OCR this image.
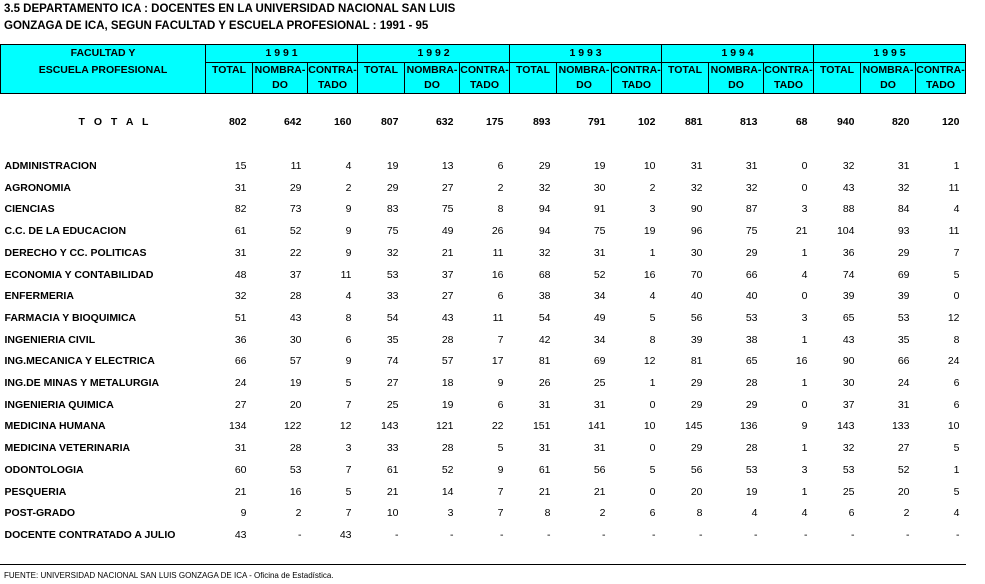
3.5 DEPARTAMENTO ICA : DOCENTES EN LA UNIVERSIDAD NACIONAL SAN LUIS
GONZAGA DE ICA, SEGUN FACULTAD Y ESCUELA PROFESIONAL : 1991 - 95
FACULTAD Y
ESCUELA PROFESIONAL	1 9 9 1			1 9 9 2			1 9 9 3			1 9 9 4			1 9 9 5		
	TOTAL	NOMBRA-	CONTRA-	TOTAL	NOMBRA-	CONTRA-	TOTAL	NOMBRA-	CONTRA-	TOTAL	NOMBRA-	CONTRA-	TOTAL	NOMBRA-	CONTRA-
		DO	TADO		DO	TADO		DO	TADO		DO	TADO		DO	TADO

T O T A L	802	642	160	807	632	175	893	791	102	881	813	68	940	820	120

ADMINISTRACION	15	11	4	19	13	6	29	19	10	31	31	0	32	31	1
AGRONOMIA	31	29	2	29	27	2	32	30	2	32	32	0	43	32	11
CIENCIAS	82	73	9	83	75	8	94	91	3	90	87	3	88	84	4
C.C. DE LA EDUCACION	61	52	9	75	49	26	94	75	19	96	75	21	104	93	11
DERECHO Y CC. POLITICAS	31	22	9	32	21	11	32	31	1	30	29	1	36	29	7
ECONOMIA Y CONTABILIDAD	48	37	11	53	37	16	68	52	16	70	66	4	74	69	5
ENFERMERIA	32	28	4	33	27	6	38	34	4	40	40	0	39	39	0
FARMACIA Y BIOQUIMICA	51	43	8	54	43	11	54	49	5	56	53	3	65	53	12
INGENIERIA CIVIL	36	30	6	35	28	7	42	34	8	39	38	1	43	35	8
ING.MECANICA Y ELECTRICA	66	57	9	74	57	17	81	69	12	81	65	16	90	66	24
ING.DE MINAS Y METALURGIA	24	19	5	27	18	9	26	25	1	29	28	1	30	24	6
INGENIERIA QUIMICA	27	20	7	25	19	6	31	31	0	29	29	0	37	31	6
MEDICINA HUMANA	134	122	12	143	121	22	151	141	10	145	136	9	143	133	10
MEDICINA VETERINARIA	31	28	3	33	28	5	31	31	0	29	28	1	32	27	5
ODONTOLOGIA	60	53	7	61	52	9	61	56	5	56	53	3	53	52	1
PESQUERIA	21	16	5	21	14	7	21	21	0	20	19	1	25	20	5
POST-GRADO	9	2	7	10	3	7	8	2	6	8	4	4	6	2	4
DOCENTE CONTRATADO A JULIO	43	-	43	-	-	-	-	-	-	-	-	-	-	-	-
FUENTE: UNIVERSIDAD NACIONAL SAN LUIS GONZAGA DE ICA - Oficina de Estadística.
